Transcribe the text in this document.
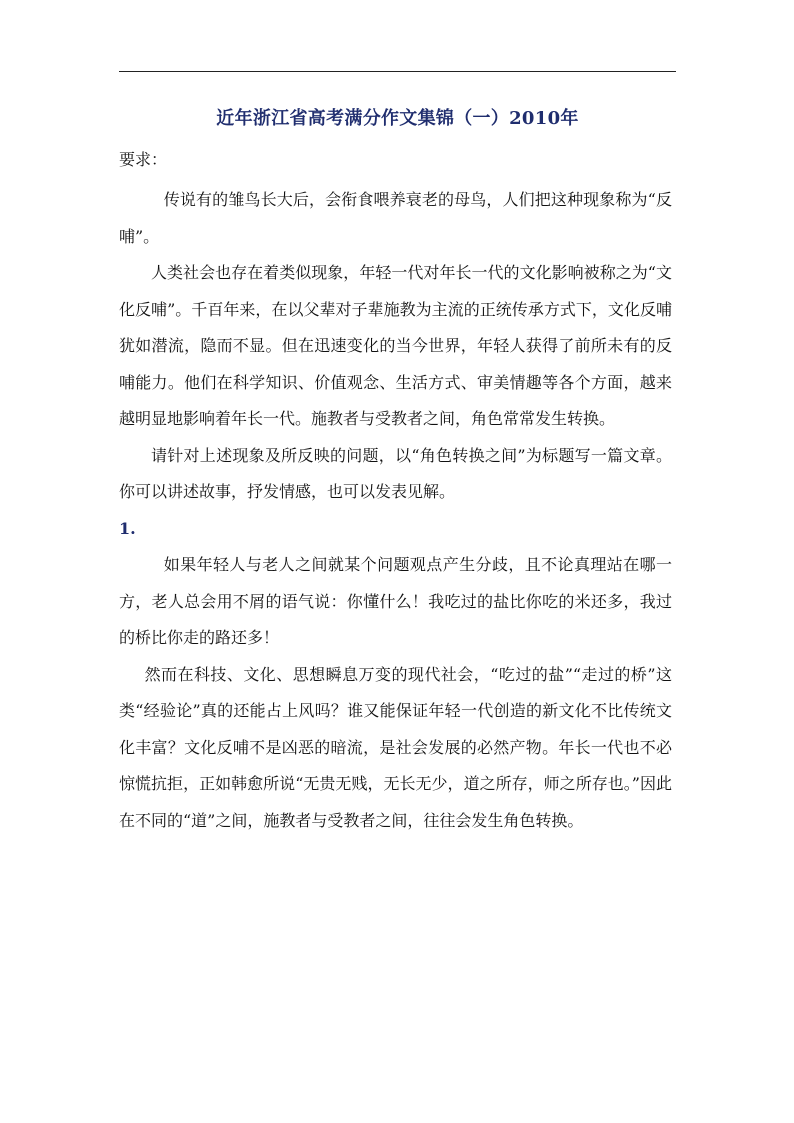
近年浙江省高考满分作文集锦（一）2010年

要求：

传说有的雏鸟长大后，会衔食喂养衰老的母鸟，人们把这种现象称为“反哺”。

人类社会也存在着类似现象，年轻一代对年长一代的文化影响被称之为“文化反哺”。千百年来，在以父辈对子辈施教为主流的正统传承方式下，文化反哺犹如潜流，隐而不显。但在迅速变化的当今世界，年轻人获得了前所未有的反哺能力。他们在科学知识、价值观念、生活方式、审美情趣等各个方面，越来越明显地影响着年长一代。施教者与受教者之间，角色常常发生转换。

请针对上述现象及所反映的问题，以“角色转换之间”为标题写一篇文章。你可以讲述故事，抒发情感，也可以发表见解。

1.

如果年轻人与老人之间就某个问题观点产生分歧，且不论真理站在哪一方，老人总会用不屑的语气说：你懂什么！我吃过的盐比你吃的米还多，我过的桥比你走的路还多！

然而在科技、文化、思想瞬息万变的现代社会，“吃过的盐”“走过的桥”这类“经验论”真的还能占上风吗？谁又能保证年轻一代创造的新文化不比传统文化丰富？文化反哺不是凶恶的暗流，是社会发展的必然产物。年长一代也不必惊慌抗拒，正如韩愈所说“无贵无贱，无长无少，道之所存，师之所存也。”因此在不同的“道”之间，施教者与受教者之间，往往会发生角色转换。
